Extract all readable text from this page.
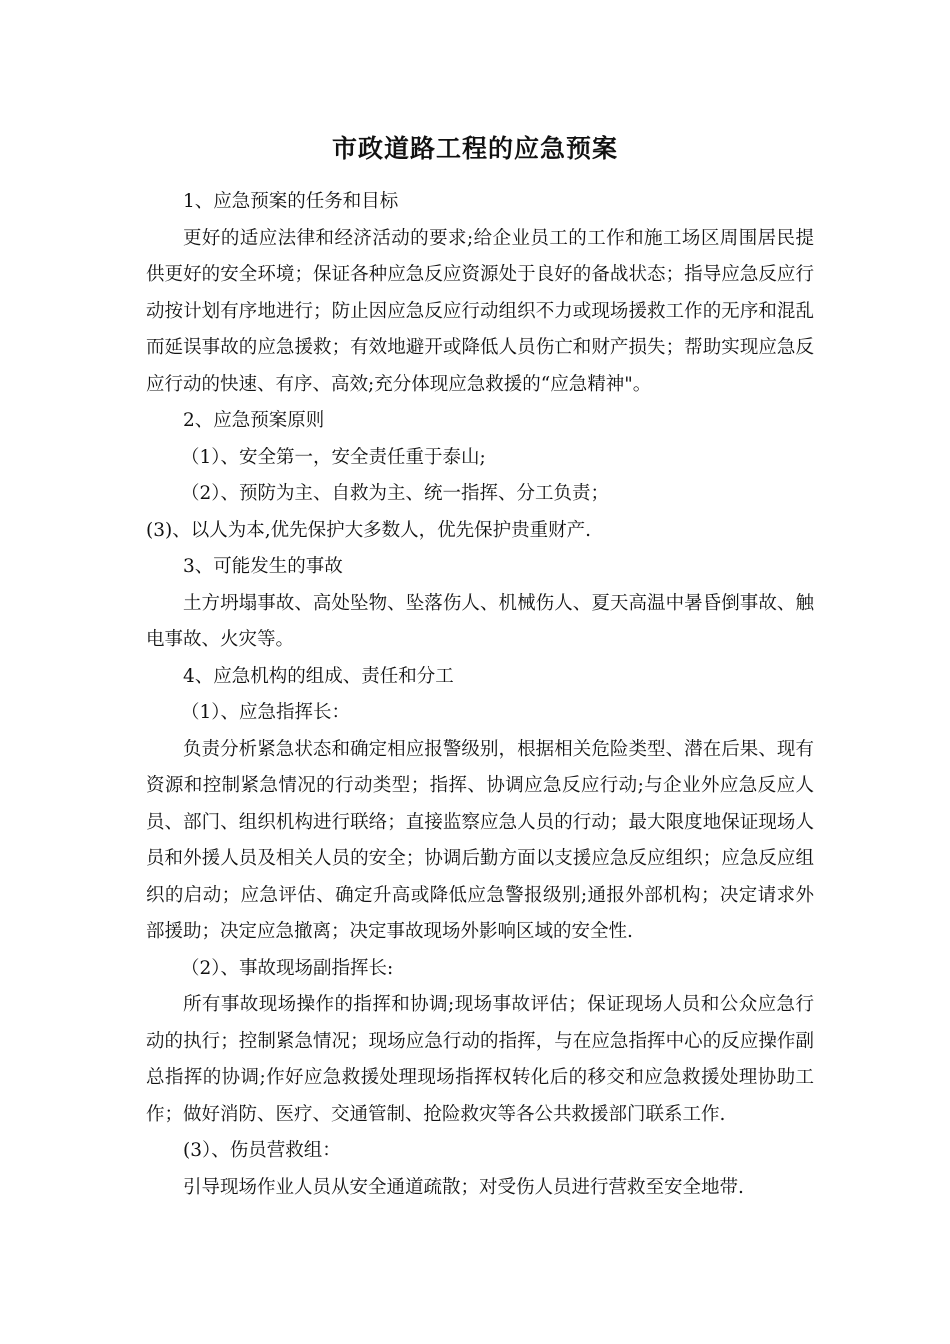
市政道路工程的应急预案

1、应急预案的任务和目标

更好的适应法律和经济活动的要求;给企业员工的工作和施工场区周围居民提供更好的安全环境；保证各种应急反应资源处于良好的备战状态；指导应急反应行动按计划有序地进行；防止因应急反应行动组织不力或现场援救工作的无序和混乱而延误事故的应急援救；有效地避开或降低人员伤亡和财产损失；帮助实现应急反应行动的快速、有序、高效;充分体现应急救援的“应急精神"。

2、应急预案原则

（1）、安全第一，安全责任重于泰山;

（2）、预防为主、自救为主、统一指挥、分工负责；

(3)、以人为本,优先保护大多数人，优先保护贵重财产.

3、可能发生的事故

土方坍塌事故、高处坠物、坠落伤人、机械伤人、夏天高温中暑昏倒事故、触电事故、火灾等。

4、应急机构的组成、责任和分工

（1）、应急指挥长：

负责分析紧急状态和确定相应报警级别，根据相关危险类型、潜在后果、现有资源和控制紧急情况的行动类型；指挥、协调应急反应行动;与企业外应急反应人员、部门、组织机构进行联络；直接监察应急人员的行动；最大限度地保证现场人员和外援人员及相关人员的安全；协调后勤方面以支援应急反应组织；应急反应组织的启动；应急评估、确定升高或降低应急警报级别;通报外部机构；决定请求外部援助；决定应急撤离；决定事故现场外影响区域的安全性.

（2）、事故现场副指挥长:

所有事故现场操作的指挥和协调;现场事故评估；保证现场人员和公众应急行动的执行；控制紧急情况；现场应急行动的指挥，与在应急指挥中心的反应操作副总指挥的协调;作好应急救援处理现场指挥权转化后的移交和应急救援处理协助工作；做好消防、医疗、交通管制、抢险救灾等各公共救援部门联系工作.

(3）、伤员营救组：

引导现场作业人员从安全通道疏散；对受伤人员进行营救至安全地带.
